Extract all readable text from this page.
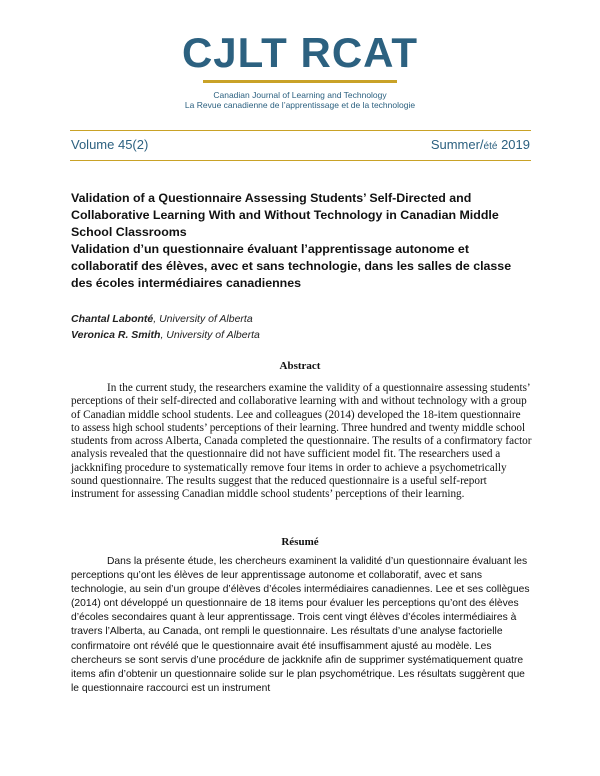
CJLT RCAT
Canadian Journal of Learning and Technology
La Revue canadienne de l’apprentissage et de la technologie
Volume 45(2)	Summer/été 2019
Validation of a Questionnaire Assessing Students’ Self-Directed and Collaborative Learning With and Without Technology in Canadian Middle School Classrooms
Validation d’un questionnaire évaluant l’apprentissage autonome et collaboratif des élèves, avec et sans technologie, dans les salles de classe des écoles intermédiaires canadiennes
Chantal Labonté, University of Alberta
Veronica R. Smith, University of Alberta
Abstract

In the current study, the researchers examine the validity of a questionnaire assessing students’ perceptions of their self-directed and collaborative learning with and without technology with a group of Canadian middle school students. Lee and colleagues (2014) developed the 18-item questionnaire to assess high school students’ perceptions of their learning. Three hundred and twenty middle school students from across Alberta, Canada completed the questionnaire. The results of a confirmatory factor analysis revealed that the questionnaire did not have sufficient model fit. The researchers used a jackknifing procedure to systematically remove four items in order to achieve a psychometrically sound questionnaire. The results suggest that the reduced questionnaire is a useful self-report instrument for assessing Canadian middle school students’ perceptions of their learning.

Résumé

Dans la présente étude, les chercheurs examinent la validité d’un questionnaire évaluant les perceptions qu’ont les élèves de leur apprentissage autonome et collaboratif, avec et sans technologie, au sein d’un groupe d’élèves d’écoles intermédiaires canadiennes. Lee et ses collègues (2014) ont développé un questionnaire de 18 items pour évaluer les perceptions qu’ont des élèves d’écoles secondaires quant à leur apprentissage. Trois cent vingt élèves d’écoles intermédiaires à travers l’Alberta, au Canada, ont rempli le questionnaire. Les résultats d’une analyse factorielle confirmatoire ont révélé que le questionnaire avait été insuffisamment ajusté au modèle. Les chercheurs se sont servis d’une procédure de jackknife afin de supprimer systématiquement quatre items afin d’obtenir un questionnaire solide sur le plan psychométrique. Les résultats suggèrent que le questionnaire raccourci est un instrument
